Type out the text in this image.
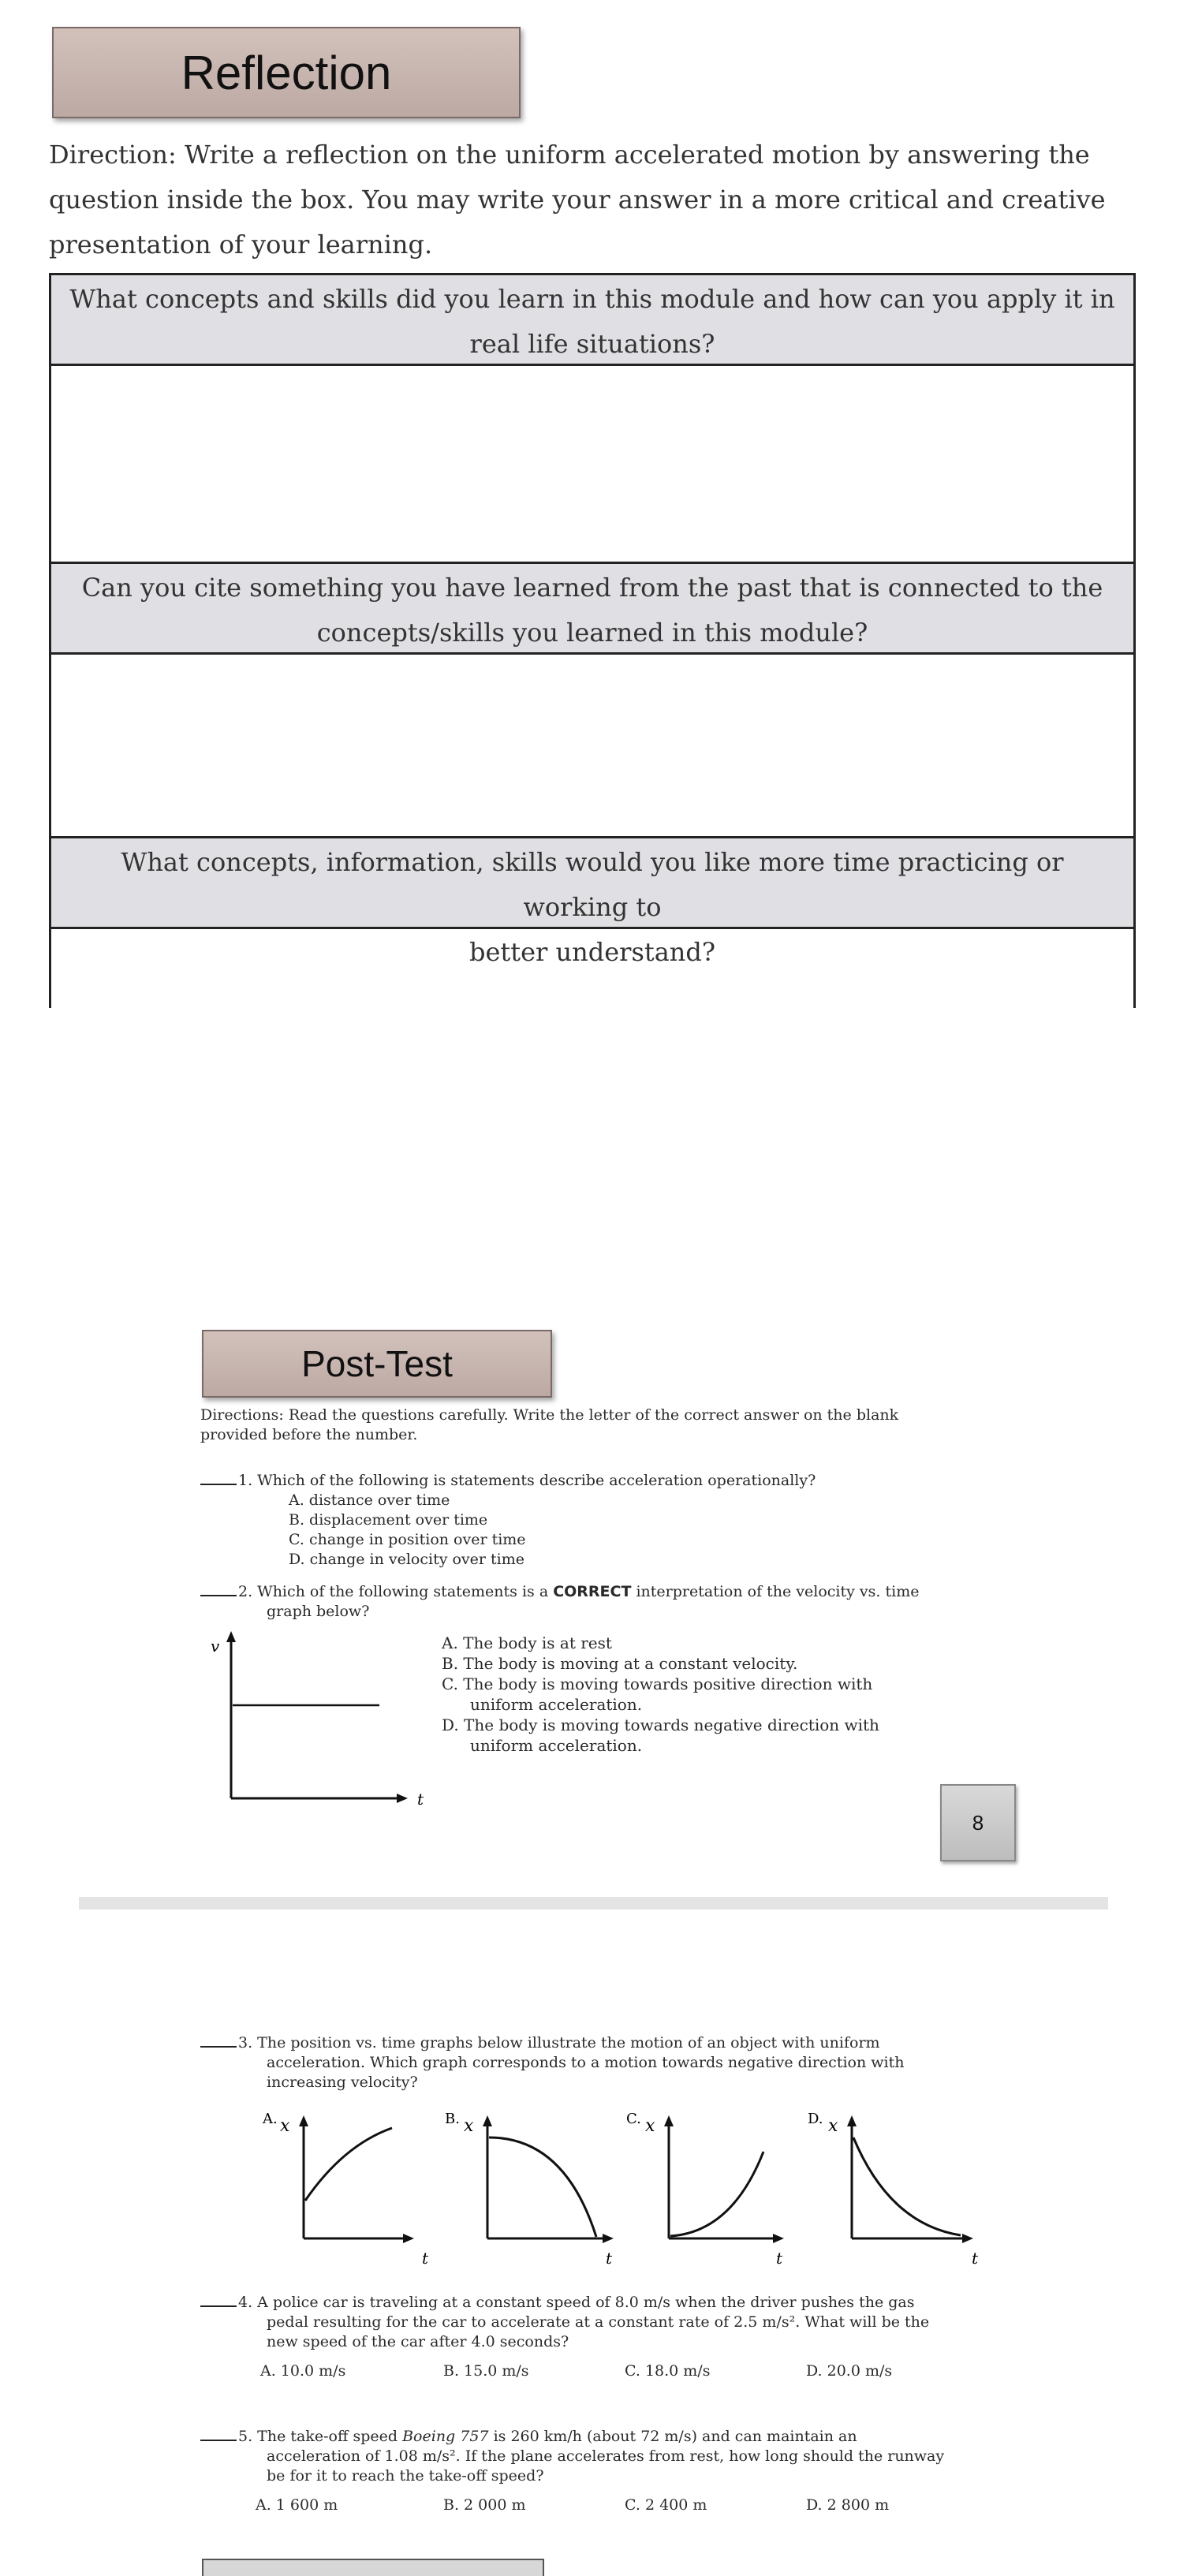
Reflection
Direction: Write a reflection on the uniform accelerated motion by answering the
question inside the box. You may write your answer in a more critical and creative
presentation of your learning.
What concepts and skills did you learn in this module and how can you apply it in
real life situations?
Can you cite something you have learned from the past that is connected to the
concepts/skills you learned in this module?
What concepts, information, skills would you like more time practicing or working to
better understand?
Post-Test
Directions: Read the questions carefully. Write the letter of the correct answer on the blank
provided before the number.
1. Which of the following is statements describe acceleration operationally?
A. distance over time
B. displacement over time
C. change in position over time
D. change in velocity over time
2. Which of the following statements is a CORRECT interpretation of the velocity vs. time
graph below?
v
t
A. The body is at rest
B. The body is moving at a constant velocity.
C. The body is moving towards positive direction with
uniform acceleration.
D. The body is moving towards negative direction with
uniform acceleration.
8
3. The position vs. time graphs below illustrate the motion of an object with uniform
acceleration. Which graph corresponds to a motion towards negative direction with
increasing velocity?
A. x
t
B. x
t
C. x
t
D. x
t
4. A police car is traveling at a constant speed of 8.0 m/s when the driver pushes the gas
pedal resulting for the car to accelerate at a constant rate of 2.5 m/s². What will be the
new speed of the car after 4.0 seconds?
A. 10.0 m/s	B. 15.0 m/s	C. 18.0 m/s	D. 20.0 m/s
5. The take-off speed Boeing 757 is 260 km/h (about 72 m/s) and can maintain an
acceleration of 1.08 m/s². If the plane accelerates from rest, how long should the runway
be for it to reach the take-off speed?
A. 1 600 m	B. 2 000 m	C. 2 400 m	D. 2 800 m
